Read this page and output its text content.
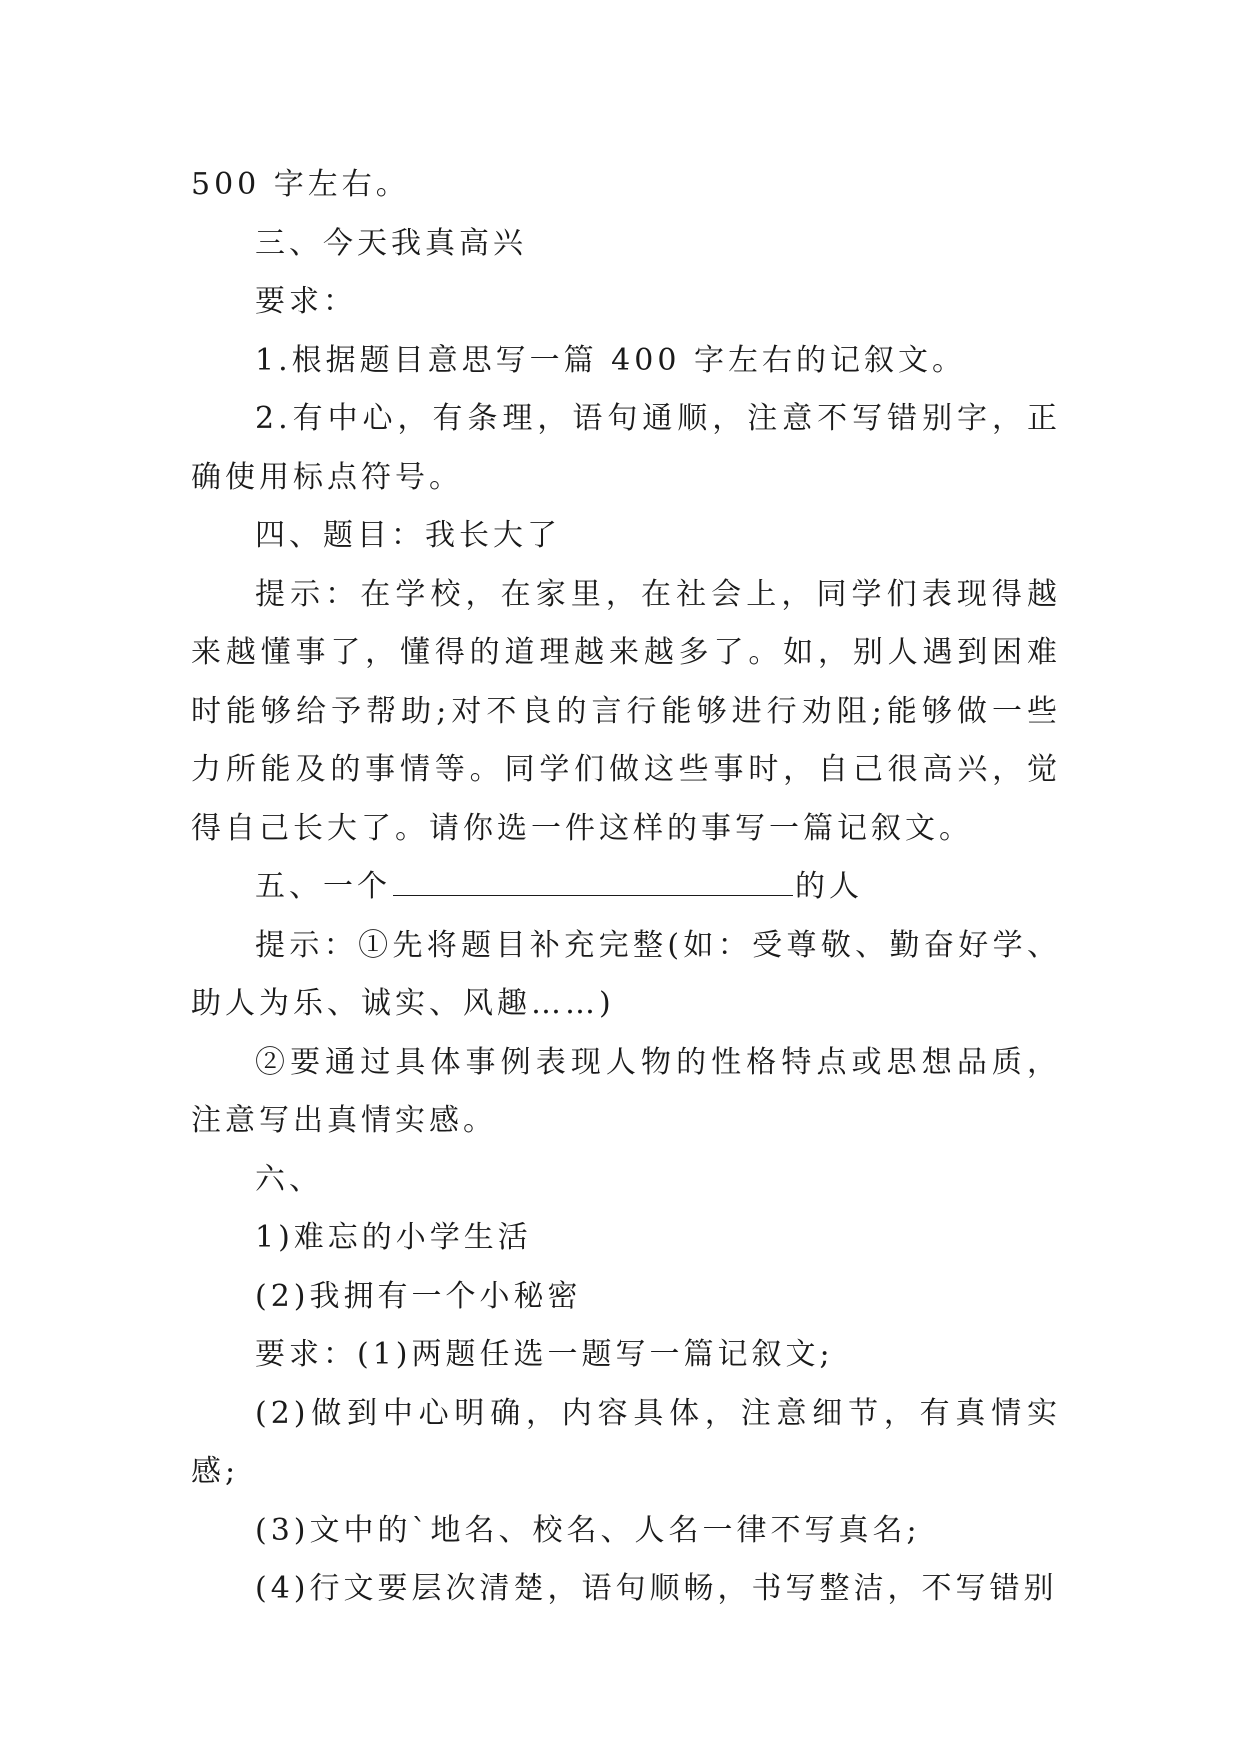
500 字左右。

三、今天我真高兴

要求：

1.根据题目意思写一篇 400 字左右的记叙文。

2.有中心，有条理，语句通顺，注意不写错别字，正确使用标点符号。

四、题目：我长大了

提示：在学校，在家里，在社会上，同学们表现得越来越懂事了，懂得的道理越来越多了。如，别人遇到困难时能够给予帮助;对不良的言行能够进行劝阻;能够做一些力所能及的事情等。同学们做这些事时，自己很高兴，觉得自己长大了。请你选一件这样的事写一篇记叙文。

五、一个	的人

提示：①先将题目补充完整(如：受尊敬、勤奋好学、助人为乐、诚实、风趣……)

②要通过具体事例表现人物的性格特点或思想品质，注意写出真情实感。

六、

1)难忘的小学生活

(2)我拥有一个小秘密

要求：(1)两题任选一题写一篇记叙文;

(2)做到中心明确，内容具体，注意细节，有真情实感;

(3)文中的`地名、校名、人名一律不写真名;

(4)行文要层次清楚，语句顺畅，书写整洁，不写错别
